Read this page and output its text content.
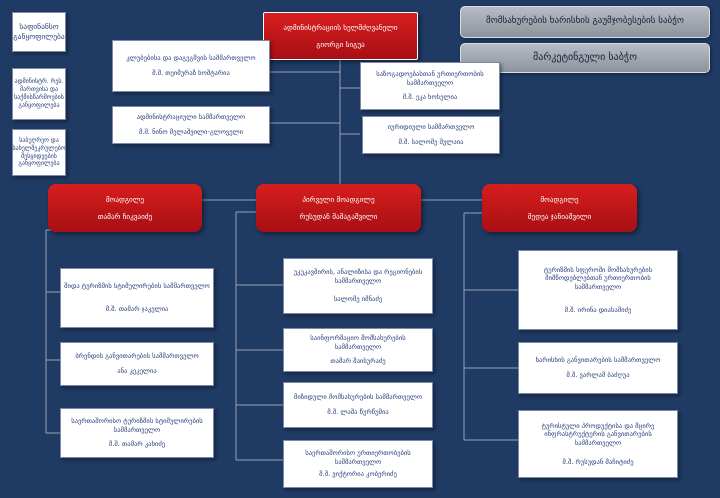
ადმინისტრაციის ხელმძღვანელი
გიორგი სიგუა
მომსახურების ხარისხის გაუმჯობესების საბჭო
მარკეტინგული საბჭო
საფინანსო განყოფილება
ადმინისტრ. რეს. მართვისა და საქმისწარმოების განყოფილება
საბუღრეო და სახელშეკრულებო შესყიდვების განყოფილება
კლუბებისა და დაგეგმვის სამმართველო
მ.შ. თეიმურაზ ხოშტარია
ადმინისტრაციული სამმართველო
მ.შ. ნინო მელაშვილი-გლოველი
საზოგადოებასთან ურთიერთობის სამმართველო
მ.შ. ეკა ხოსელია
იურიდიული სამმართველო
მ.შ. სალომე შულაია
მოადგილე
თამარ ჩიკვაიძე
პირველი მოადგილე
რუსუდან მამაგაშვილი
მოადგილე
მედეა ჯანიაშვილი
შიდა ტურიზმის სტიმულირების სამმართველო
მ.შ. თამარ ჯაკელია
ბრენდის განვითარების სამმართველო
ანა კეკელია
საერთაშორისო ტურიზმის სტიმულირების სამმართველო
მ.შ. თამარ კახიძე
უკუკავშირის, ანალიზისა და რეგიონების სამმართველო
სალომე იმნაძე
საინფორმაციო მომსახურების სამმართველო
თამარ მაისურაძე
მიზიდული მომსახურების სამმართველო
მ.შ. ლაშა წურწუმია
საერთაშორისო ურთიერთობების სამმართველო
მ.შ. ვიქტორია კობერიძე
ტურიზმის სფეროში მომსახურების მიმწოდებლებთან ურთიერთობის სამმართველო
მ.შ. ირინა დიასამიძე
ხარისხის განვითარების სამმართველო
მ.შ. ვარლამ ბაძღუა
ტურისტული პროდუქტისა და მცირე ინფრასტრუქტურის განვითარების სამმართველო
მ.შ. რუსუდან მაჩიტიძე
